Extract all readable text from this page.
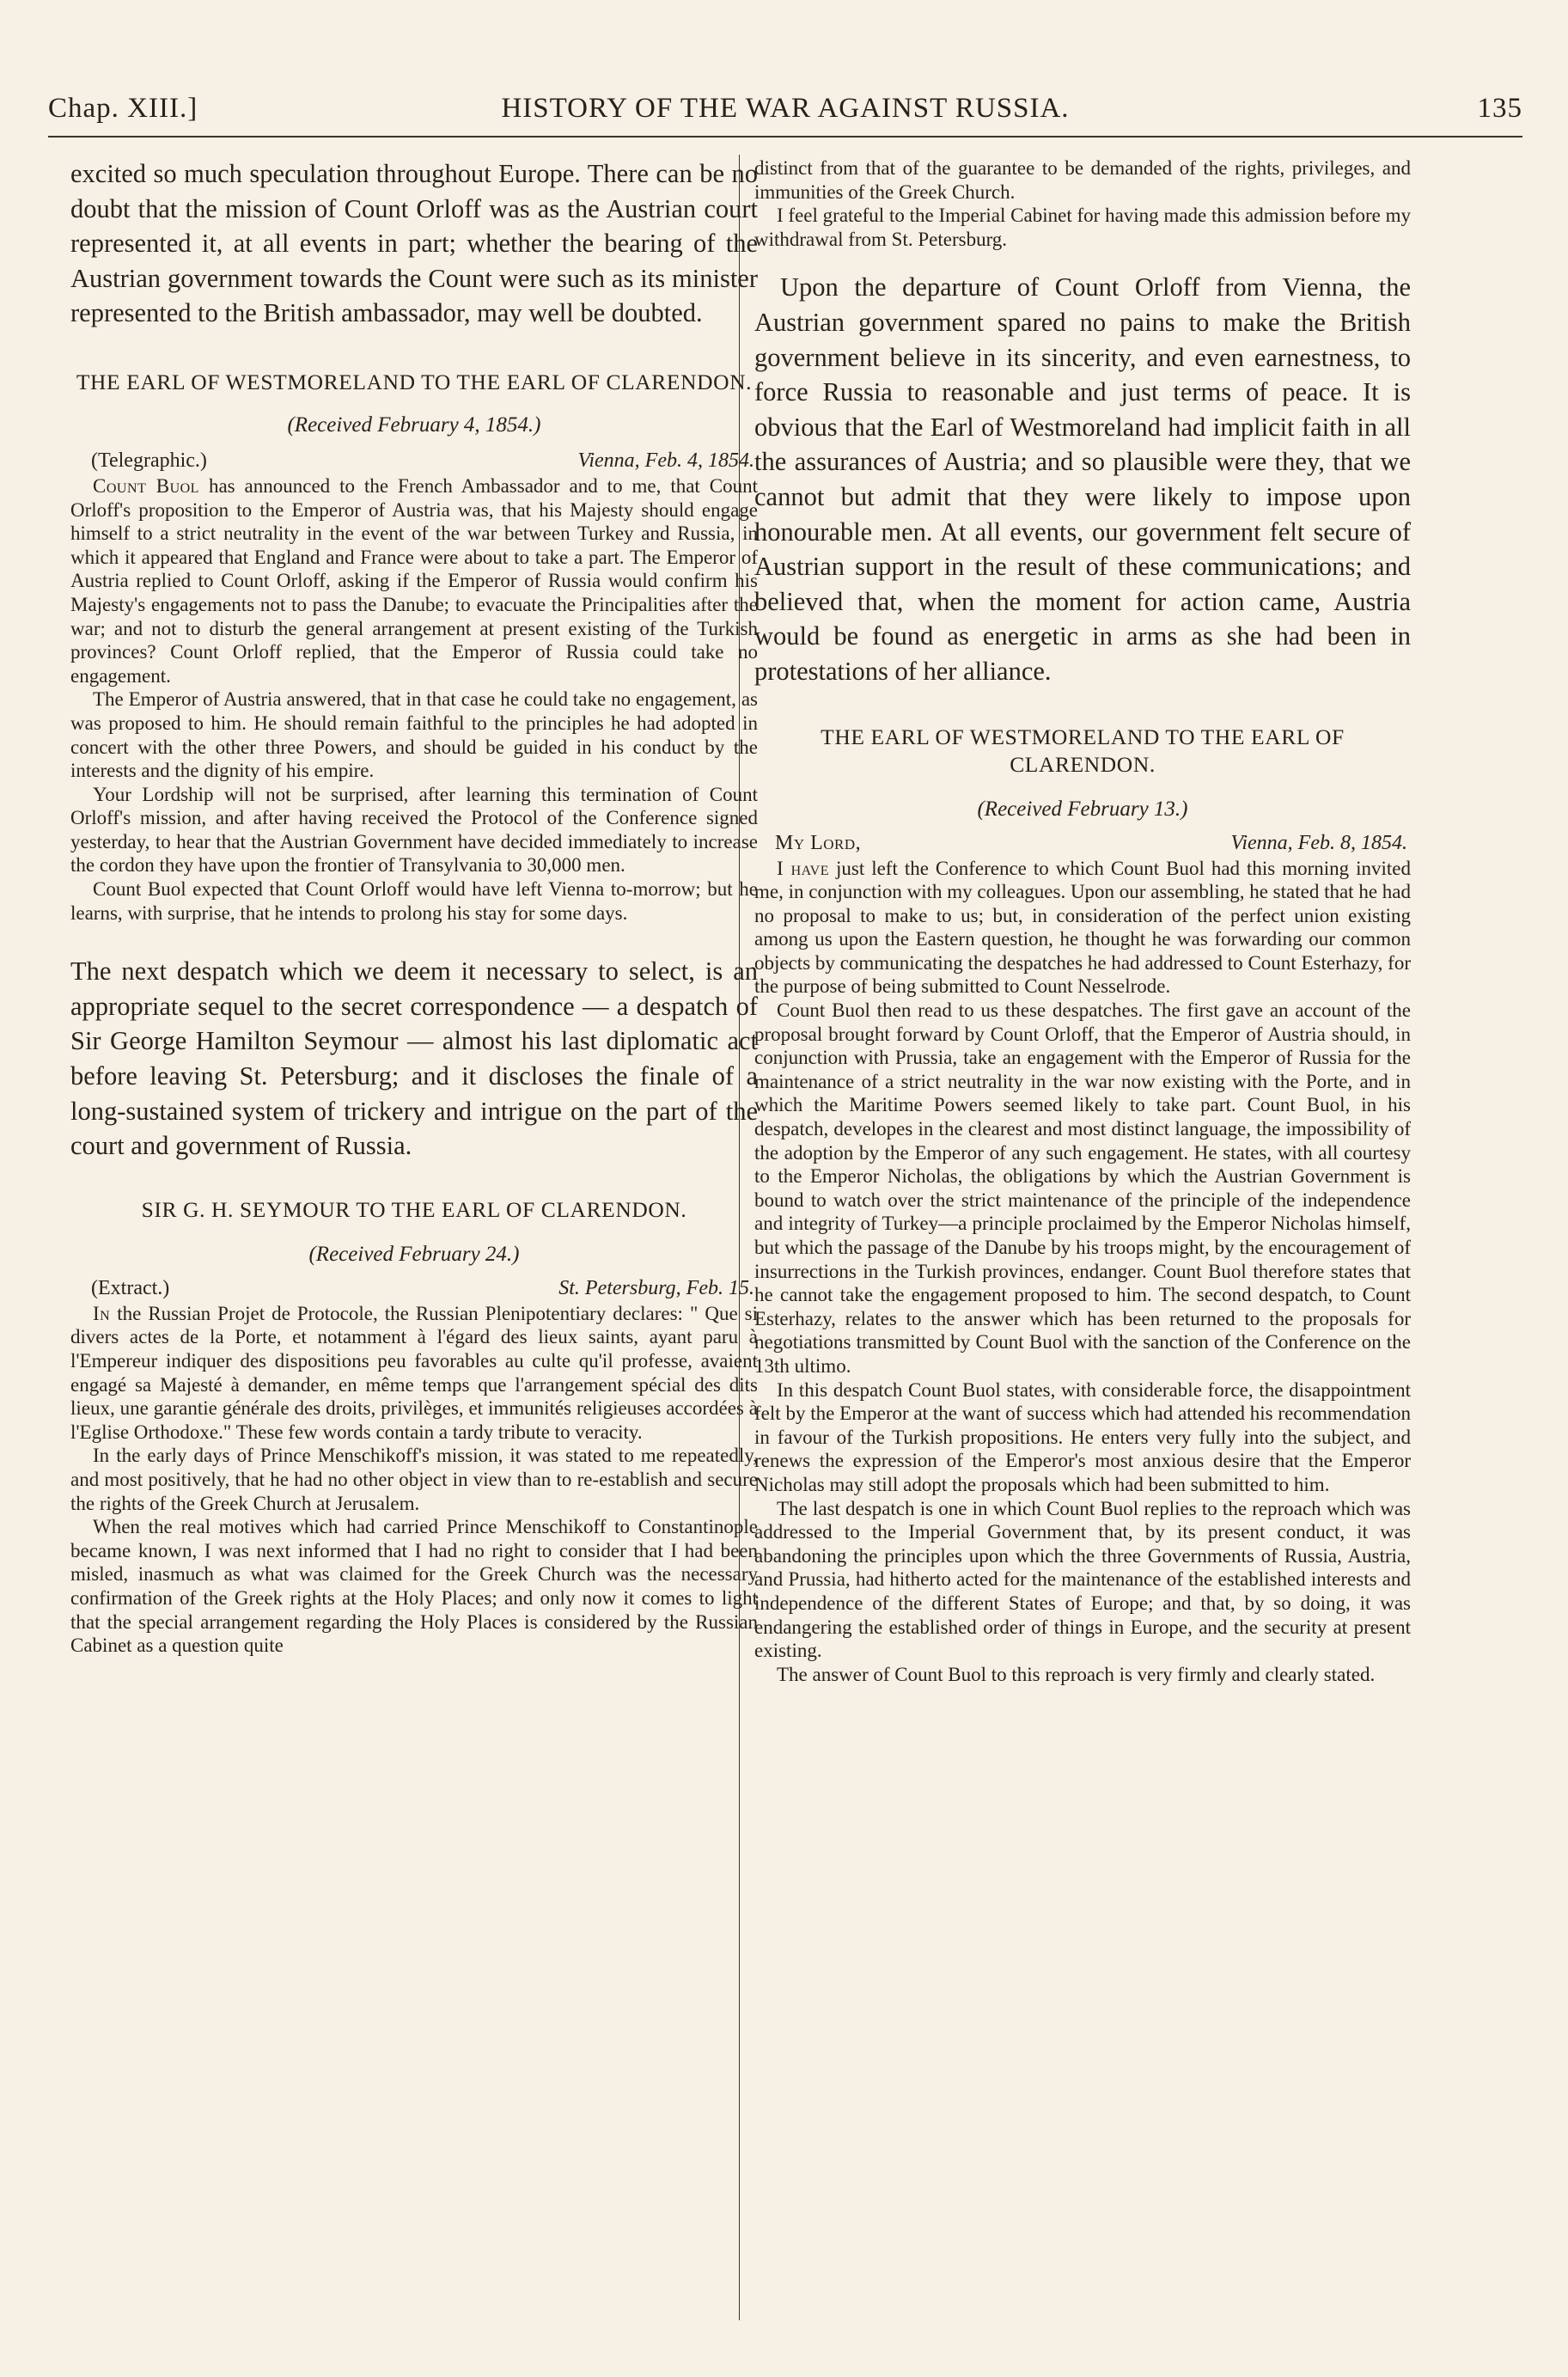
Chap. XIII.]	HISTORY OF THE WAR AGAINST RUSSIA.	135

excited so much speculation throughout Europe. There can be no doubt that the mission of Count Orloff was as the Austrian court represented it, at all events in part; whether the bearing of the Austrian government towards the Count were such as its minister represented to the British ambassador, may well be doubted.

THE EARL OF WESTMORELAND TO THE EARL OF CLARENDON.

(Received February 4, 1854.)

(Telegraphic.)	Vienna, Feb. 4, 1854.

Count Buol has announced to the French Ambassador and to me, that Count Orloff's proposition to the Emperor of Austria was, that his Majesty should engage himself to a strict neutrality in the event of the war between Turkey and Russia, in which it appeared that England and France were about to take a part. The Emperor of Austria replied to Count Orloff, asking if the Emperor of Russia would confirm his Majesty's engagements not to pass the Danube; to evacuate the Principalities after the war; and not to disturb the general arrangement at present existing of the Turkish provinces? Count Orloff replied, that the Emperor of Russia could take no engagement.

The Emperor of Austria answered, that in that case he could take no engagement, as was proposed to him. He should remain faithful to the principles he had adopted in concert with the other three Powers, and should be guided in his conduct by the interests and the dignity of his empire.

Your Lordship will not be surprised, after learning this termination of Count Orloff's mission, and after having received the Protocol of the Conference signed yesterday, to hear that the Austrian Government have decided immediately to increase the cordon they have upon the frontier of Transylvania to 30,000 men.

Count Buol expected that Count Orloff would have left Vienna to-morrow; but he learns, with surprise, that he intends to prolong his stay for some days.

The next despatch which we deem it necessary to select, is an appropriate sequel to the secret correspondence — a despatch of Sir George Hamilton Seymour — almost his last diplomatic act before leaving St. Petersburg; and it discloses the finale of a long-sustained system of trickery and intrigue on the part of the court and government of Russia.

SIR G. H. SEYMOUR TO THE EARL OF CLARENDON.

(Received February 24.)

(Extract.)	St. Petersburg, Feb. 15.

In the Russian Projet de Protocole, the Russian Plenipotentiary declares: " Que si divers actes de la Porte, et notamment à l'égard des lieux saints, ayant paru à l'Empereur indiquer des dispositions peu favorables au culte qu'il professe, avaient engagé sa Majesté à demander, en même temps que l'arrangement spécial des dits lieux, une garantie générale des droits, privilèges, et immunités religieuses accordées à l'Eglise Orthodoxe." These few words contain a tardy tribute to veracity.

In the early days of Prince Menschikoff's mission, it was stated to me repeatedly, and most positively, that he had no other object in view than to re-establish and secure the rights of the Greek Church at Jerusalem.

When the real motives which had carried Prince Menschikoff to Constantinople became known, I was next informed that I had no right to consider that I had been misled, inasmuch as what was claimed for the Greek Church was the necessary confirmation of the Greek rights at the Holy Places; and only now it comes to light that the special arrangement regarding the Holy Places is considered by the Russian Cabinet as a question quite

distinct from that of the guarantee to be demanded of the rights, privileges, and immunities of the Greek Church.

I feel grateful to the Imperial Cabinet for having made this admission before my withdrawal from St. Petersburg.

Upon the departure of Count Orloff from Vienna, the Austrian government spared no pains to make the British government believe in its sincerity, and even earnestness, to force Russia to reasonable and just terms of peace. It is obvious that the Earl of Westmoreland had implicit faith in all the assurances of Austria; and so plausible were they, that we cannot but admit that they were likely to impose upon honourable men. At all events, our government felt secure of Austrian support in the result of these communications; and believed that, when the moment for action came, Austria would be found as energetic in arms as she had been in protestations of her alliance.

THE EARL OF WESTMORELAND TO THE EARL OF CLARENDON.

(Received February 13.)

My Lord,	Vienna, Feb. 8, 1854.

I have just left the Conference to which Count Buol had this morning invited me, in conjunction with my colleagues. Upon our assembling, he stated that he had no proposal to make to us; but, in consideration of the perfect union existing among us upon the Eastern question, he thought he was forwarding our common objects by communicating the despatches he had addressed to Count Esterhazy, for the purpose of being submitted to Count Nesselrode.

Count Buol then read to us these despatches. The first gave an account of the proposal brought forward by Count Orloff, that the Emperor of Austria should, in conjunction with Prussia, take an engagement with the Emperor of Russia for the maintenance of a strict neutrality in the war now existing with the Porte, and in which the Maritime Powers seemed likely to take part. Count Buol, in his despatch, developes in the clearest and most distinct language, the impossibility of the adoption by the Emperor of any such engagement. He states, with all courtesy to the Emperor Nicholas, the obligations by which the Austrian Government is bound to watch over the strict maintenance of the principle of the independence and integrity of Turkey—a principle proclaimed by the Emperor Nicholas himself, but which the passage of the Danube by his troops might, by the encouragement of insurrections in the Turkish provinces, endanger. Count Buol therefore states that he cannot take the engagement proposed to him. The second despatch, to Count Esterhazy, relates to the answer which has been returned to the proposals for negotiations transmitted by Count Buol with the sanction of the Conference on the 13th ultimo.

In this despatch Count Buol states, with considerable force, the disappointment felt by the Emperor at the want of success which had attended his recommendation in favour of the Turkish propositions. He enters very fully into the subject, and renews the expression of the Emperor's most anxious desire that the Emperor Nicholas may still adopt the proposals which had been submitted to him.

The last despatch is one in which Count Buol replies to the reproach which was addressed to the Imperial Government that, by its present conduct, it was abandoning the principles upon which the three Governments of Russia, Austria, and Prussia, had hitherto acted for the maintenance of the established interests and independence of the different States of Europe; and that, by so doing, it was endangering the established order of things in Europe, and the security at present existing.

The answer of Count Buol to this reproach is very firmly and clearly stated.
